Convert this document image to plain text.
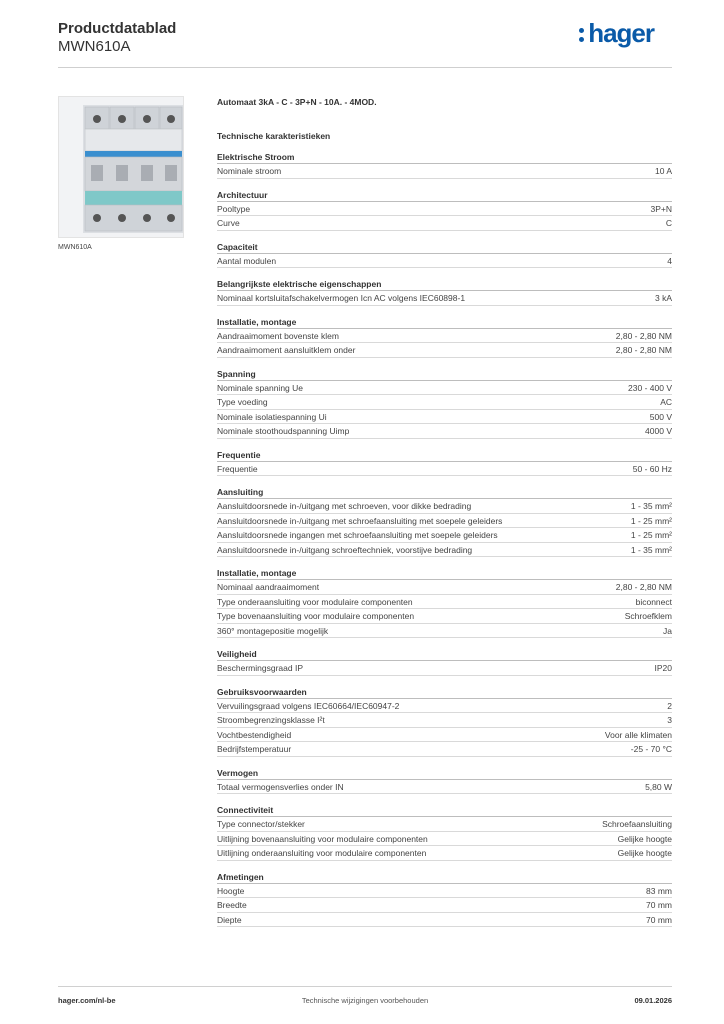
Productdatablad
MWN610A	hager
MWN610A
Automaat 3kA - C - 3P+N - 10A. - 4MOD.
Technische karakteristieken
Elektrische Stroom
Nominale stroom	10 A
Architectuur
Pooltype	3P+N
Curve	C
Capaciteit
Aantal modulen	4
Belangrijkste elektrische eigenschappen
Nominaal kortsluitafschakelvermogen Icn AC volgens IEC60898-1	3 kA
Installatie, montage
Aandraaimoment bovenste klem	2,80 - 2,80 NM
Aandraaimoment aansluitklem onder	2,80 - 2,80 NM
Spanning
Nominale spanning Ue	230 - 400 V
Type voeding	AC
Nominale isolatiespanning Ui	500 V
Nominale stoothoudspanning Uimp	4000 V
Frequentie
Frequentie	50 - 60 Hz
Aansluiting
Aansluitdoorsnede in-/uitgang met schroeven, voor dikke bedrading	1 - 35 mm²
Aansluitdoorsnede in-/uitgang met schroefaansluiting met soepele geleiders	1 - 25 mm²
Aansluitdoorsnede ingangen met schroefaansluiting met soepele geleiders	1 - 25 mm²
Aansluitdoorsnede in-/uitgang schroeftechniek, voorstijve bedrading	1 - 35 mm²
Installatie, montage
Nominaal aandraaimoment	2,80 - 2,80 NM
Type onderaansluiting voor modulaire componenten	biconnect
Type bovenaansluiting voor modulaire componenten	Schroefklem
360° montagepositie mogelijk	Ja
Veiligheid
Beschermingsgraad IP	IP20
Gebruiksvoorwaarden
Vervuilingsgraad volgens IEC60664/IEC60947-2	2
Stroombegrenzingsklasse I²t	3
Vochtbestendigheid	Voor alle klimaten
Bedrijfstemperatuur	-25 - 70 °C
Vermogen
Totaal vermogensverlies onder IN	5,80 W
Connectiviteit
Type connector/stekker	Schroefaansluiting
Uitlijning bovenaansluiting voor modulaire componenten	Gelijke hoogte
Uitlijning onderaansluiting voor modulaire componenten	Gelijke hoogte
Afmetingen
Hoogte	83 mm
Breedte	70 mm
Diepte	70 mm
hager.com/nl-be	Technische wijzigingen voorbehouden	09.01.2026
